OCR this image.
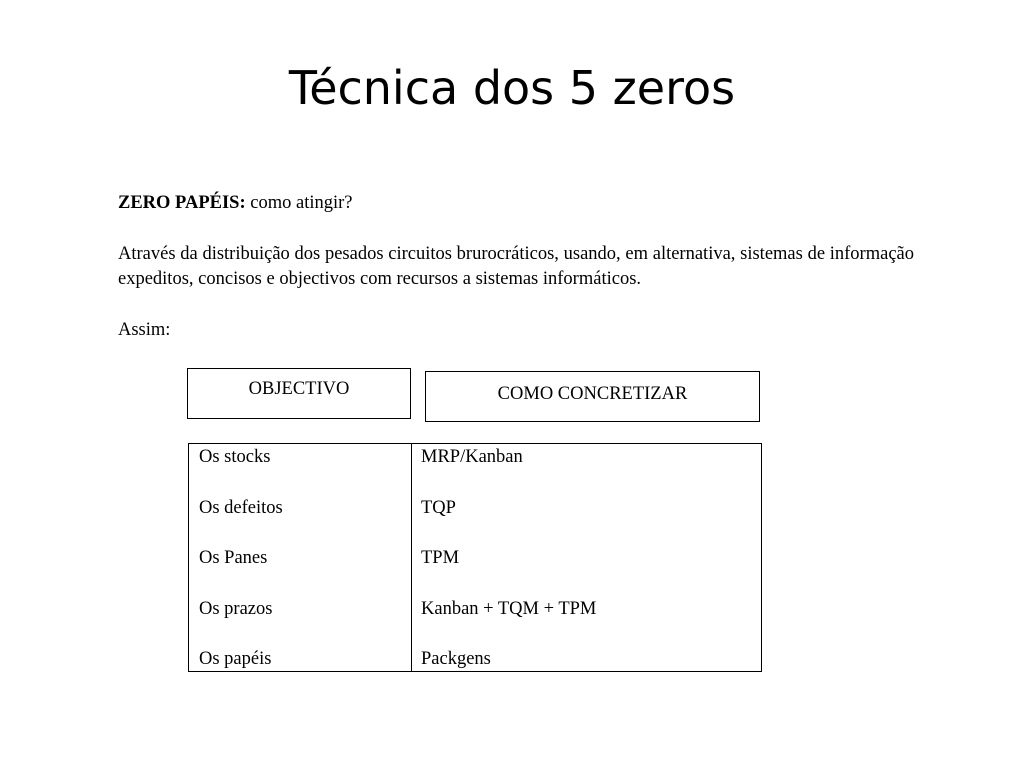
Técnica dos 5 zeros

ZERO PAPÉIS: como atingir?

Através da distribuição dos pesados circuitos brurocráticos, usando, em alternativa, sistemas de informação expeditos, concisos e objectivos com recursos a sistemas informáticos.

Assim:

OBJECTIVO	COMO CONCRETIZAR
Os stocks
Os defeitos
Os Panes
Os prazos
Os papéis
MRP/Kanban
TQP
TPM
Kanban + TQM + TPM
Packgens
